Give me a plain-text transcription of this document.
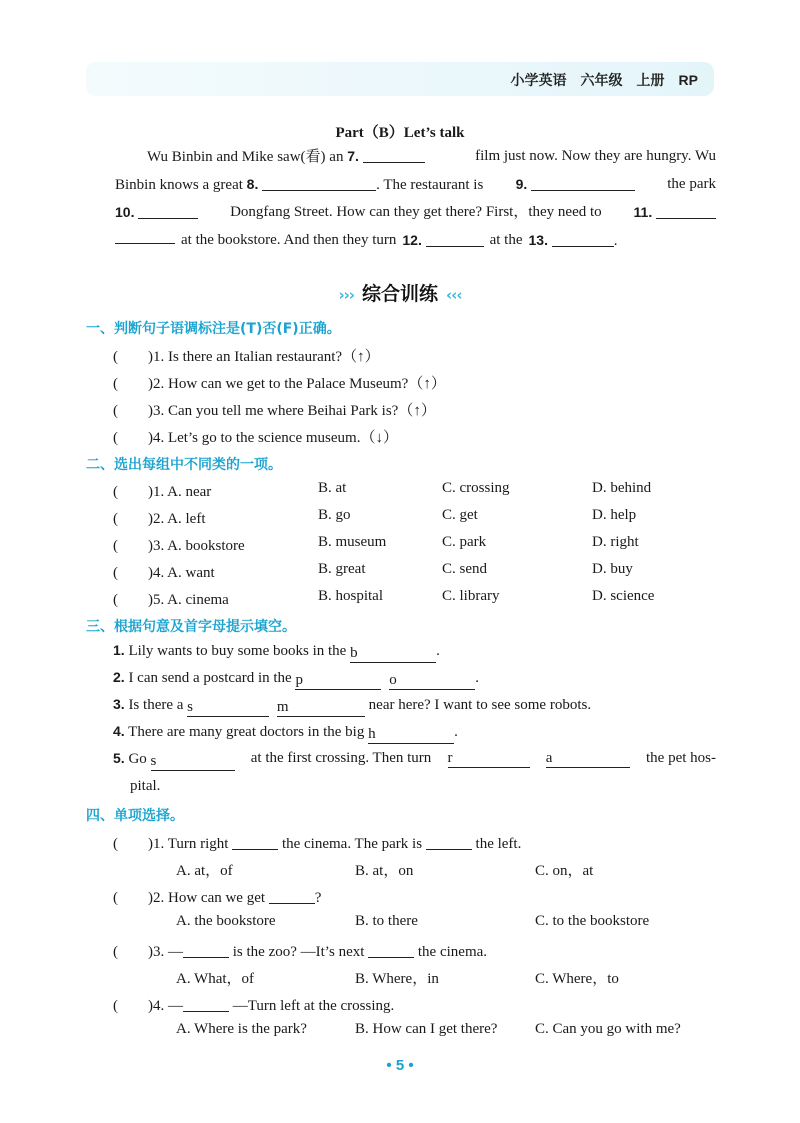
小学英语　六年级　上册　RP
Part（B）Let’s talk
Wu Binbin and Mike saw(看) an 7.	film just now. Now they are hungry. Wu
Binbin knows a great 8.	. The restaurant is 9.	the park
10.	Dongfang Street. How can they get there? First，they need to 11.
at the bookstore. And then they turn 12.	at the 13.	.
››› 综合训练 ‹‹‹
一、判断句子语调标注是(T)否(F)正确。
(　　)1. Is there an Italian restaurant?（↑）
(　　)2. How can we get to the Palace Museum?（↑）
(　　)3. Can you tell me where Beihai Park is?（↑）
(　　)4. Let’s go to the science museum.（↓）
二、选出每组中不同类的一项。
(　　)1. A. near	B. at	C. crossing	D. behind
(　　)2. A. left	B. go	C. get	D. help
(　　)3. A. bookstore	B. museum	C. park	D. right
(　　)4. A. want	B. great	C. send	D. buy
(　　)5. A. cinema	B. hospital	C. library	D. science
三、根据句意及首字母提示填空。
1. Lily wants to buy some books in the b	.
2. I can send a postcard in the p	o	.
3. Is there a s	m	near here? I want to see some robots.
4. There are many great doctors in the big h	.
5. Go s	at the first crossing. Then turn r	a	the pet hos-
pital.
四、单项选择。
(　　)1. Turn right	the cinema. The park is	the left.
A. at，of	B. at，on	C. on，at
(　　)2. How can we get	?
A. the bookstore	B. to there	C. to the bookstore
(　　)3. —	is the zoo? —It’s next	the cinema.
A. What，of	B. Where，in	C. Where，to
(　　)4. —	—Turn left at the crossing.
A. Where is the park?	B. How can I get there?	C. Can you go with me?
• 5 •
